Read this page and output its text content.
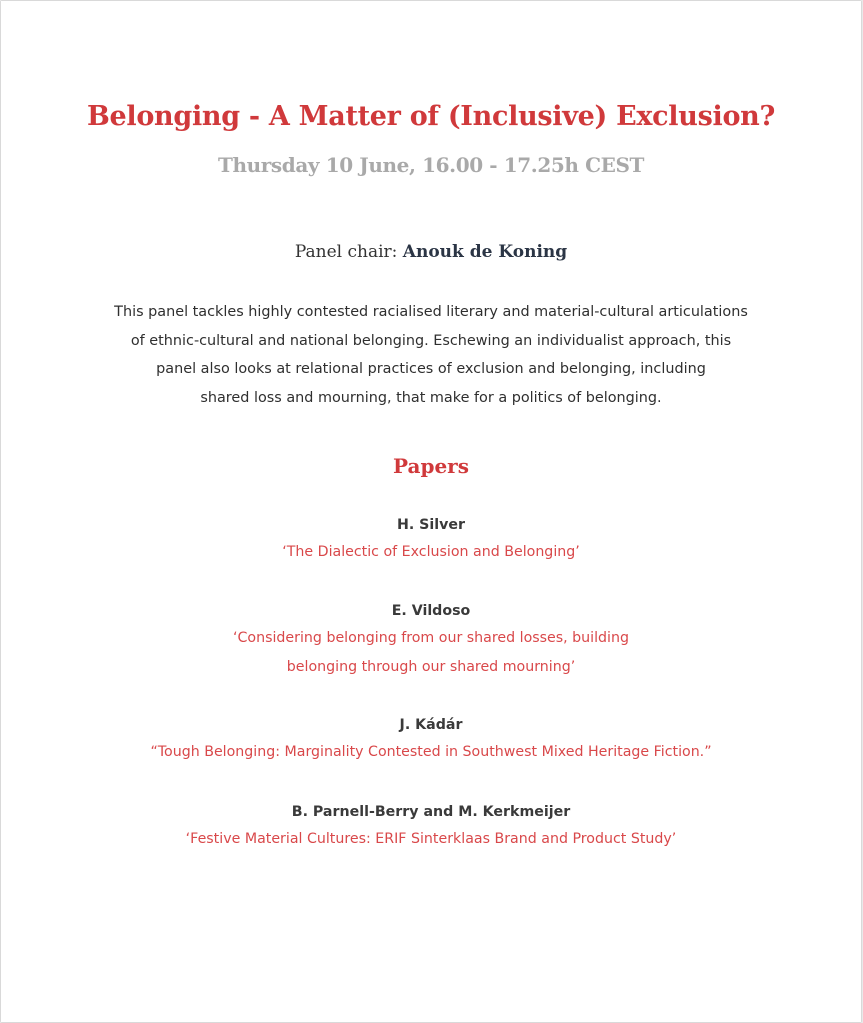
Belonging - A Matter of (Inclusive) Exclusion?
Thursday 10 June, 16.00 - 17.25h CEST
Panel chair: Anouk de Koning
This panel tackles highly contested racialised literary and material-cultural articulations
of ethnic-cultural and national belonging. Eschewing an individualist approach, this
panel also looks at relational practices of exclusion and belonging, including
shared loss and mourning, that make for a politics of belonging.
Papers
H. Silver
‘The Dialectic of Exclusion and Belonging’
E. Vildoso
‘Considering belonging from our shared losses, building
belonging through our shared mourning’
J. Kádár
“Tough Belonging: Marginality Contested in Southwest Mixed Heritage Fiction.”
B. Parnell-Berry and M. Kerkmeijer
‘Festive Material Cultures: ERIF Sinterklaas Brand and Product Study’
